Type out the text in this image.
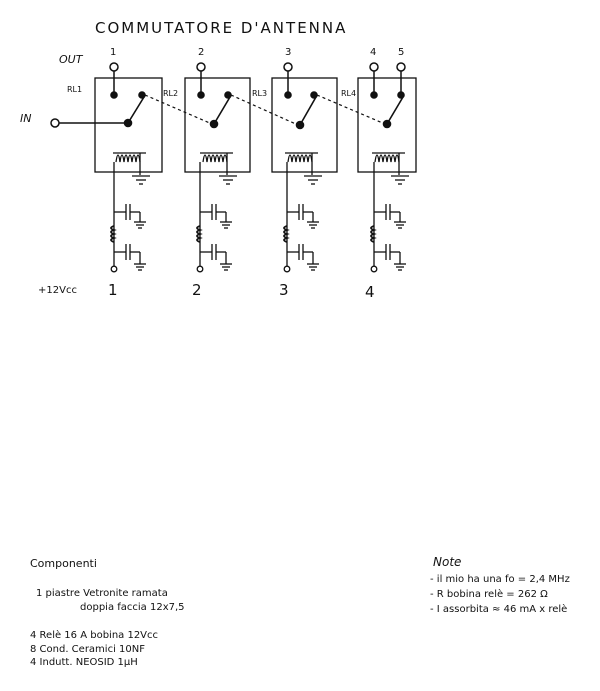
COMMUTATORE D'ANTENNA
OUT
1	2	3	4 5
RL1	RL2	RL3	RL4
IN
+12Vcc 1	2	3	4
Componenti
1 piastre Vetronite ramata
doppia faccia 12x7,5
4 Relè 16 A bobina 12Vcc
8 Cond. Ceramici 10NF
4 Indutt. NEOSID 1µH
Note
- il mio ha una fo = 2,4 MHz
- R bobina relè = 262 Ω
- I assorbita ≈ 46 mA x relè
